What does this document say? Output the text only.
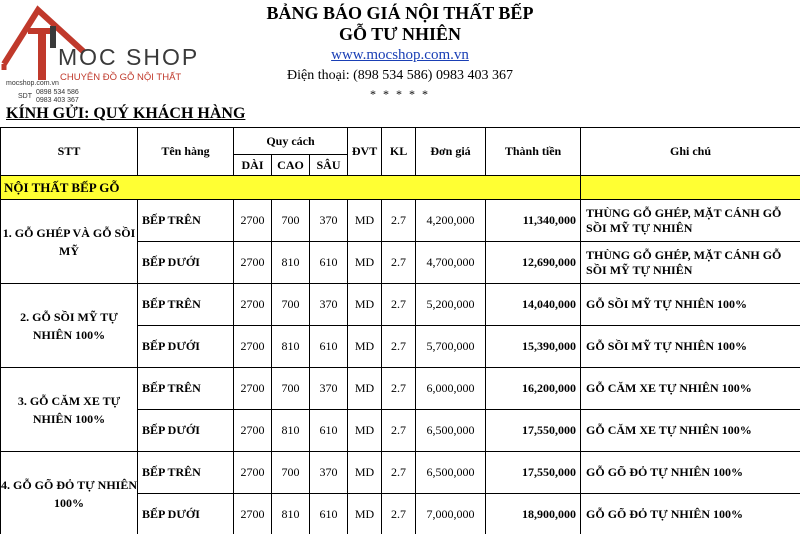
MOC SHOP
CHUYÊN ĐỒ GỖ NỘI THẤT
mocshop.com.vn
SDT
0898 534 586
0983 403 367
BẢNG BÁO GIÁ NỘI THẤT BẾP
GỖ TƯ NHIÊN
www.mocshop.com.vn
Điện thoại: (898 534 586) 0983 403 367
* * * * *
KÍNH GỬI: QUÝ KHÁCH HÀNG
STT	Tên hàng	Quy cách			ĐVT	KL	Đơn giá	Thành tiền	Ghi chú
		DÀI	CAO	SÂU					
NỘI THẤT BẾP GỖ									
1. GỖ GHÉP VÀ GỖ SỒI MỸ	BẾP TRÊN	2700	700	370	MD	2.7	4,200,000	11,340,000	THÙNG GỖ GHÉP, MẶT CÁNH GỖ SỒI MỸ TỰ NHIÊN
	BẾP DƯỚI	2700	810	610	MD	2.7	4,700,000	12,690,000	THÙNG GỖ GHÉP, MẶT CÁNH GỖ SỒI MỸ TỰ NHIÊN
2. GỖ SỒI MỸ TỰ NHIÊN 100%	BẾP TRÊN	2700	700	370	MD	2.7	5,200,000	14,040,000	GỖ SỒI MỸ TỰ NHIÊN 100%
	BẾP DƯỚI	2700	810	610	MD	2.7	5,700,000	15,390,000	GỖ SỒI MỸ TỰ NHIÊN 100%
3. GỖ CĂM XE TỰ NHIÊN 100%	BẾP TRÊN	2700	700	370	MD	2.7	6,000,000	16,200,000	GỖ CĂM XE TỰ NHIÊN 100%
	BẾP DƯỚI	2700	810	610	MD	2.7	6,500,000	17,550,000	GỖ CĂM XE TỰ NHIÊN 100%
4. GỖ GÕ ĐỎ TỰ NHIÊN 100%	BẾP TRÊN	2700	700	370	MD	2.7	6,500,000	17,550,000	GỖ GÕ ĐỎ TỰ NHIÊN 100%
	BẾP DƯỚI	2700	810	610	MD	2.7	7,000,000	18,900,000	GỖ GÕ ĐỎ TỰ NHIÊN 100%
